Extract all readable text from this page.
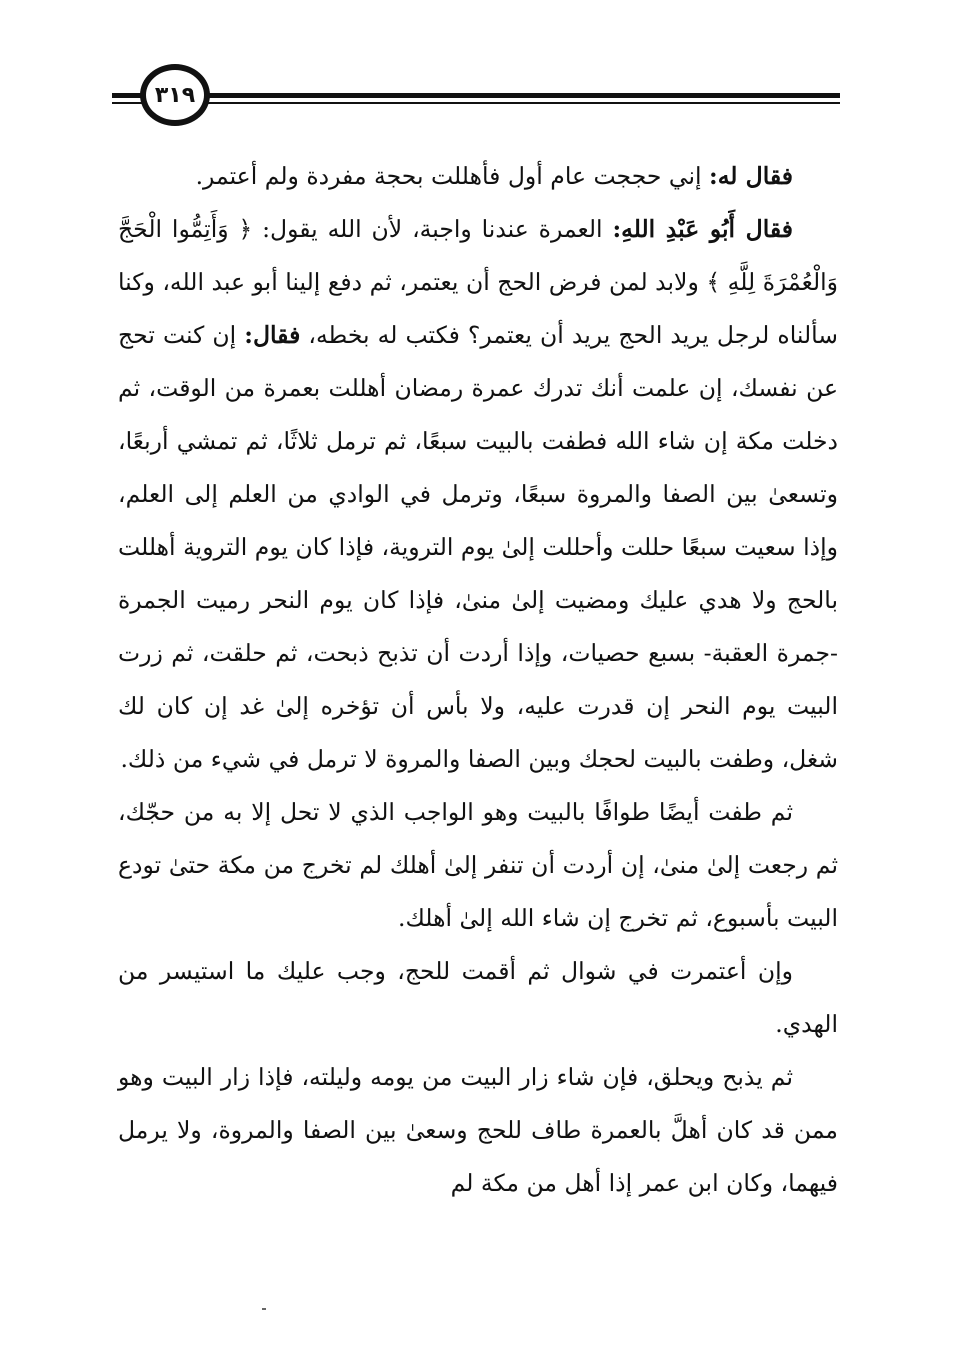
٣١٩

فقال له: إني حججت عام أول فأهللت بحجة مفردة ولم أعتمر.

فقال أَبُو عَبْدِ اللهِ: العمرة عندنا واجبة، لأن الله يقول: ﴿ وَأَتِمُّوا الْحَجَّ وَالْعُمْرَةَ لِلَّهِ ﴾ ولابد لمن فرض الحج أن يعتمر، ثم دفع إلينا أبو عبد الله، وكنا سألناه لرجل يريد الحج يريد أن يعتمر؟ فكتب له بخطه، فقال: إن كنت تحج عن نفسك، إن علمت أنك تدرك عمرة رمضان أهللت بعمرة من الوقت، ثم دخلت مكة إن شاء الله فطفت بالبيت سبعًا، ثم ترمل ثلاثًا، ثم تمشي أربعًا، وتسعىٰ بين الصفا والمروة سبعًا، وترمل في الوادي من العلم إلى العلم، وإذا سعيت سبعًا حللت وأحللت إلىٰ يوم التروية، فإذا كان يوم التروية أهللت بالحج ولا هدي عليك ومضيت إلىٰ منىٰ، فإذا كان يوم النحر رميت الجمرة -جمرة العقبة- بسبع حصيات، وإذا أردت أن تذبح ذبحت، ثم حلقت، ثم زرت البيت يوم النحر إن قدرت عليه، ولا بأس أن تؤخره إلىٰ غد إن كان لك شغل، وطفت بالبيت لحجك وبين الصفا والمروة لا ترمل في شيء من ذلك.

ثم طفت أيضًا طوافًا بالبيت وهو الواجب الذي لا تحل إلا به من حجّك، ثم رجعت إلىٰ منىٰ، إن أردت أن تنفر إلىٰ أهلك لم تخرج من مكة حتىٰ تودع البيت بأسبوع، ثم تخرج إن شاء الله إلىٰ أهلك.

وإن أعتمرت في شوال ثم أقمت للحج، وجب عليك ما استيسر من الهدي.

ثم يذبح ويحلق، فإن شاء زار البيت من يومه وليلته، فإذا زار البيت وهو ممن قد كان أهلَّ بالعمرة طاف للحج وسعىٰ بين الصفا والمروة، ولا يرمل فيهما، وكان ابن عمر إذا أهل من مكة لم
